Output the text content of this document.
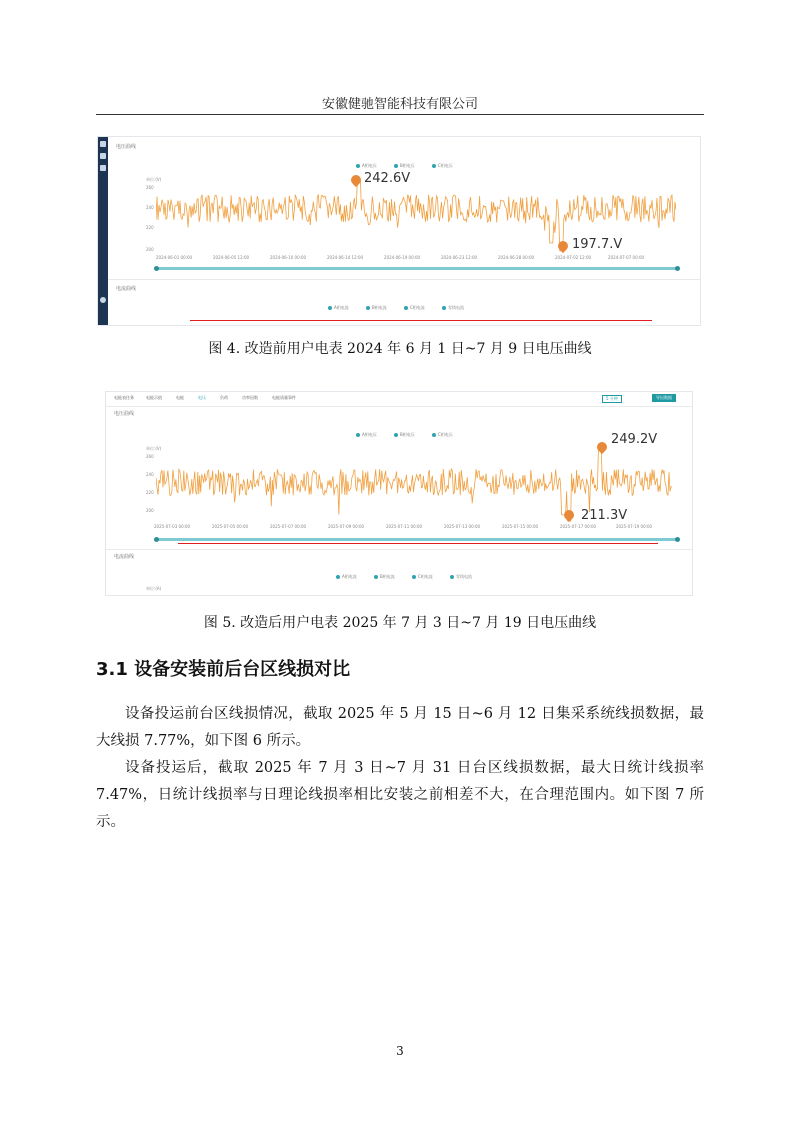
安徽健驰智能科技有限公司
电压曲线
A相电压	B相电压	C相电压
单位:(V)
260
240
220
200
2024-06-01 00:00	2024-06-05 12:00	2024-06-10 00:00	2024-06-14 12:00	2024-06-19 00:00	2024-06-23 12:00	2024-06-28 00:00	2024-07-02 12:00	2024-07-07 00:00
242.6V
197.7.V
电流曲线
A相电流	B相电流	C相电流	零线电流
图 4. 改造前用户电表 2024 年 6 月 1 日~7 月 9 日电压曲线
电能表任务	电能示值	电能	电压	负荷	功率因数	电能质量事件	5 分钟	导出数据
电压曲线
A相电压	B相电压	C相电压
单位:(V)
260
240
220
200
2025-07-03 00:00	2025-07-05 00:00	2025-07-07 00:00	2025-07-09 00:00	2025-07-11 00:00	2025-07-13 00:00	2025-07-15 00:00	2025-07-17 00:00	2025-07-19 00:00
249.2V
211.3V
电流曲线
A相电流	B相电流	C相电流	零线电流
单位:(A)
图 5. 改造后用户电表 2025 年 7 月 3 日~7 月 19 日电压曲线
3.1 设备安装前后台区线损对比
设备投运前台区线损情况，截取 2025 年 5 月 15 日~6 月 12 日集采系统线损数据，最大线损 7.77%，如下图 6 所示。
设备投运后，截取 2025 年 7 月 3 日~7 月 31 日台区线损数据，最大日统计线损率 7.47%，日统计线损率与日理论线损率相比安装之前相差不大，在合理范围内。如下图 7 所示。
3
